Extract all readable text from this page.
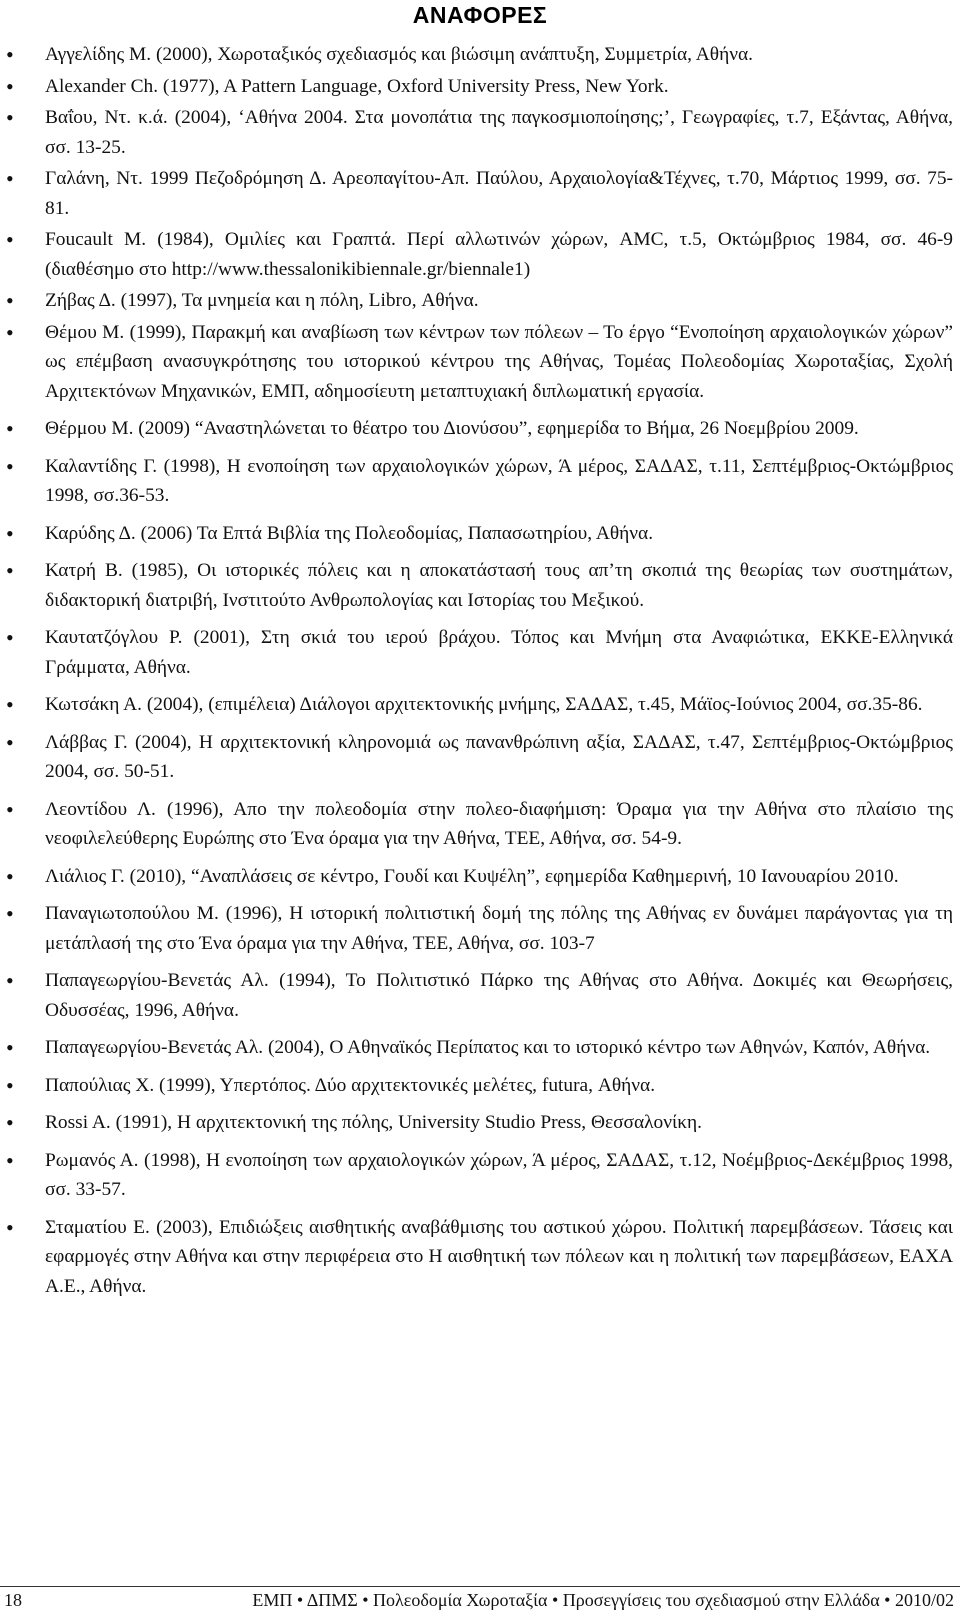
ΑΝΑΦΟΡΕΣ
• Αγγελίδης Μ. (2000), Χωροταξικός σχεδιασμός και βιώσιμη ανάπτυξη, Συμμετρία, Αθήνα.
• Alexander Ch. (1977), A Pattern Language, Oxford University Press, New York.
• Βαΐου, Ντ. κ.ά. (2004), ‘Αθήνα 2004. Στα μονοπάτια της παγκοσμιοποίησης;’, Γεωγραφίες, τ.7, Εξάντας, Αθήνα, σσ. 13-25.
• Γαλάνη, Ντ. 1999 Πεζοδρόμηση Δ. Αρεοπαγίτου-Απ. Παύλου, Αρχαιολογία&Τέχνες, τ.70, Μάρτιος 1999, σσ. 75-81.
• Foucault M. (1984), Ομιλίες και Γραπτά. Περί αλλωτινών χώρων, AMC, τ.5, Οκτώμβριος 1984, σσ. 46-9 (διαθέσημο στο http://www.thessalonikibiennale.gr/biennale1)
• Ζήβας Δ. (1997), Τα μνημεία και η πόλη, Libro, Αθήνα.
• Θέμου Μ. (1999), Παρακμή και αναβίωση των κέντρων των πόλεων – Το έργο “Ενοποίηση αρχαιολογικών χώρων” ως επέμβαση ανασυγκρότησης του ιστορικού κέντρου της Αθήνας, Τομέας Πολεοδομίας Χωροταξίας, Σχολή Αρχιτεκτόνων Μηχανικών, ΕΜΠ, αδημοσίευτη μεταπτυχιακή διπλωματική εργασία.
• Θέρμου Μ. (2009) “Αναστηλώνεται το θέατρο του Διονύσου”, εφημερίδα το Βήμα, 26 Νοεμβρίου 2009.
• Καλαντίδης Γ. (1998), Η ενοποίηση των αρχαιολογικών χώρων, Ά μέρος, ΣΑΔΑΣ, τ.11, Σεπτέμβριος-Οκτώμβριος 1998, σσ.36-53.
• Καρύδης Δ. (2006) Τα Επτά Βιβλία της Πολεοδομίας, Παπασωτηρίου, Αθήνα.
• Κατρή Β. (1985), Οι ιστορικές πόλεις και η αποκατάστασή τους απ’τη σκοπιά της θεωρίας των συστημάτων, διδακτορική διατριβή, Ινστιτούτο Ανθρωπολογίας και Ιστορίας του Μεξικού.
• Καυτατζόγλου Ρ. (2001), Στη σκιά του ιερού βράχου. Τόπος και Μνήμη στα Αναφιώτικα, ΕΚΚΕ-Ελληνικά Γράμματα, Αθήνα.
• Κωτσάκη Α. (2004), (επιμέλεια) Διάλογοι αρχιτεκτονικής μνήμης, ΣΑΔΑΣ, τ.45, Μάϊος-Ιούνιος 2004, σσ.35-86.
• Λάββας Γ. (2004), Η αρχιτεκτονική κληρονομιά ως πανανθρώπινη αξία, ΣΑΔΑΣ, τ.47, Σεπτέμβριος-Οκτώμβριος 2004, σσ. 50-51.
• Λεοντίδου Λ. (1996), Απο την πολεοδομία στην πολεο-διαφήμιση: Όραμα για την Αθήνα στο πλαίσιο της νεοφιλελεύθερης Ευρώπης στο Ένα όραμα για την Αθήνα, ΤΕΕ, Αθήνα, σσ. 54-9.
• Λιάλιος Γ. (2010), “Αναπλάσεις σε κέντρο, Γουδί και Κυψέλη”, εφημερίδα Καθημερινή, 10 Ιανουαρίου 2010.
• Παναγιωτοπούλου Μ. (1996), Η ιστορική πολιτιστική δομή της πόλης της Αθήνας εν δυνάμει παράγοντας για τη μετάπλασή της στο Ένα όραμα για την Αθήνα, ΤΕΕ, Αθήνα, σσ. 103-7
• Παπαγεωργίου-Βενετάς Αλ. (1994), Το Πολιτιστικό Πάρκο της Αθήνας στο Αθήνα. Δοκιμές και Θεωρήσεις, Οδυσσέας, 1996, Αθήνα.
• Παπαγεωργίου-Βενετάς Αλ. (2004), Ο Αθηναϊκός Περίπατος και το ιστορικό κέντρο των Αθηνών, Καπόν, Αθήνα.
• Παπούλιας Χ. (1999), Υπερτόπος. Δύο αρχιτεκτονικές μελέτες, futura, Αθήνα.
• Rossi A. (1991), Η αρχιτεκτονική της πόλης, University Studio Press, Θεσσαλονίκη.
• Ρωμανός Α. (1998), Η ενοποίηση των αρχαιολογικών χώρων, Ά μέρος, ΣΑΔΑΣ, τ.12, Νοέμβριος-Δεκέμβριος 1998, σσ. 33-57.
• Σταματίου Ε. (2003), Επιδιώξεις αισθητικής αναβάθμισης του αστικού χώρου. Πολιτική παρεμβάσεων. Τάσεις και εφαρμογές στην Αθήνα και στην περιφέρεια στο Η αισθητική των πόλεων και η πολιτική των παρεμβάσεων, ΕΑΧΑ Α.Ε., Αθήνα.
18	ΕΜΠ • ΔΠΜΣ • Πολεοδομία Χωροταξία • Προσεγγίσεις του σχεδιασμού στην Ελλάδα • 2010/02
